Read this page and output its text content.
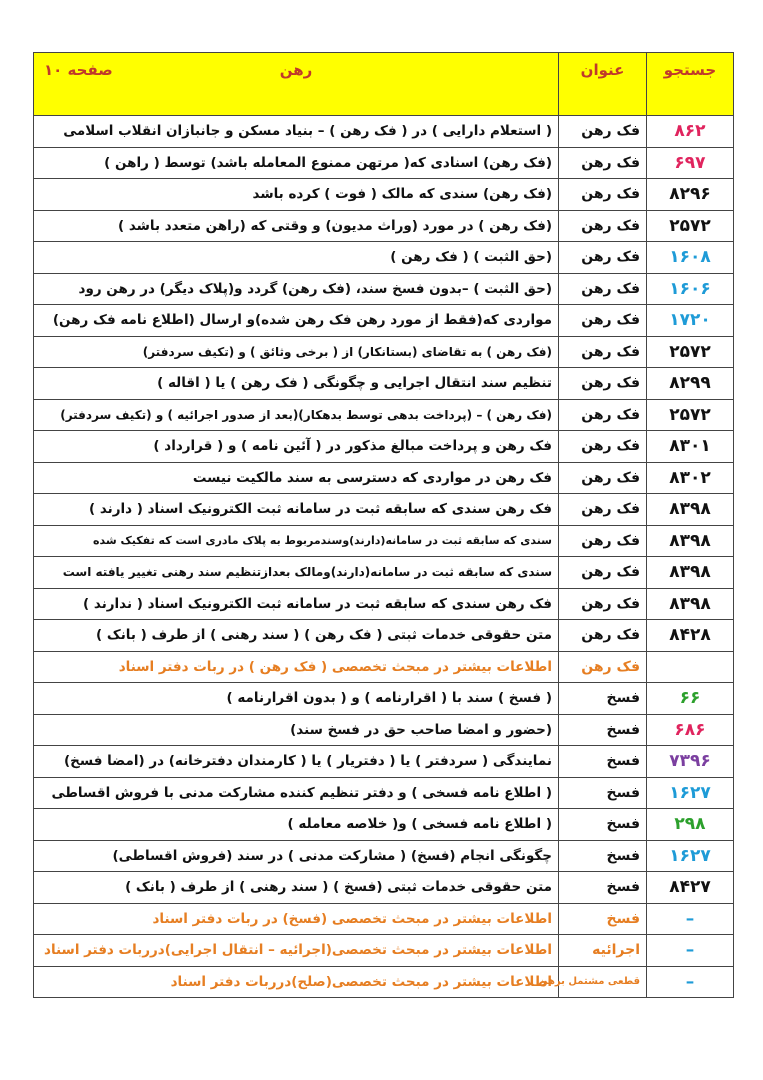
جستجو	عنوان	رهن
صفحه ۱۰

۸۶۲	فک رهن	( استعلام دارایی ) در ( فک رهن ) – بنیاد مسکن و جانبازان انقلاب اسلامی
۶۹۷	فک رهن	(فک رهن) اسنادی که( مرتهن ممنوع المعامله باشد) توسط ( راهن )
۸۲۹۶	فک رهن	(فک رهن) سندی که مالک ( فوت ) کرده باشد
۲۵۷۲	فک رهن	(فک رهن ) در مورد (وراث مدیون) و وقتی که (راهن متعدد باشد )
۱۶۰۸	فک رهن	(حق الثبت ) ( فک رهن )
۱۶۰۶	فک رهن	(حق الثبت ) –بدون فسخ سند، (فک رهن) گردد و(پلاک دیگر) در رهن رود
۱۷۲۰	فک رهن	مواردی که(فقط از مورد رهن فک رهن شده)و ارسال (اطلاع نامه فک رهن)
۲۵۷۲	فک رهن	(فک رهن ) به تقاضای (بستانکار) از ( برخی وثائق ) و (تکیف سردفتر)
۸۲۹۹	فک رهن	تنظیم سند انتقال اجرایی و چگونگی ( فک رهن ) یا ( اقاله )
۲۵۷۲	فک رهن	(فک رهن ) – (پرداخت بدهی توسط بدهکار)(بعد از صدور اجرائیه ) و (تکیف سردفتر)
۸۳۰۱	فک رهن	فک رهن و پرداخت مبالغ مذکور در ( آئین نامه ) و ( قرارداد )
۸۳۰۲	فک رهن	فک رهن در مواردی که دسترسی به سند مالکیت نیست
۸۳۹۸	فک رهن	فک رهن سندی که سابقه ثبت در سامانه ثبت الکترونیک اسناد ( دارند )
۸۳۹۸	فک رهن	سندی که سابقه ثبت در سامانه(دارند)وسندمربوط به پلاک مادری است که تفکیک شده
۸۳۹۸	فک رهن	سندی که سابقه ثبت در سامانه(دارند)ومالک بعدازتنظیم سند رهنی تغییر یافته است
۸۳۹۸	فک رهن	فک رهن سندی که سابقه ثبت در سامانه ثبت الکترونیک اسناد ( ندارند )
۸۴۲۸	فک رهن	متن حقوقی خدمات ثبتی ( فک رهن ) ( سند رهنی ) از طرف ( بانک )
	فک رهن	اطلاعات بیشتر در مبحث تخصصی ( فک رهن ) در ربات دفتر اسناد
۶۶	فسخ	( فسخ ) سند با ( اقرارنامه ) و ( بدون اقرارنامه )
۶۸۶	فسخ	(حضور و امضا صاحب حق در فسخ سند)
۷۳۹۶	فسخ	نمایندگی ( سردفتر ) یا ( دفتریار ) یا ( کارمندان دفترخانه) در (امضا فسخ)
۱۶۲۷	فسخ	( اطلاع نامه فسخی ) و دفتر تنظیم کننده مشارکت مدنی با فروش اقساطی
۲۹۸	فسخ	( اطلاع نامه فسخی ) و( خلاصه معامله )
۱۶۲۷	فسخ	چگونگی انجام (فسخ) ( مشارکت مدنی ) در سند (فروش اقساطی)
۸۴۲۷	فسخ	متن حقوقی خدمات ثبتی (فسخ ) ( سند رهنی ) از طرف ( بانک )
–	فسخ	اطلاعات بیشتر در مبحث تخصصی (فسخ) در ربات دفتر اسناد
–	اجرائیه	اطلاعات بیشتر در مبحث تخصصی(اجرائیه – انتقال اجرایی)درربات دفتر اسناد
–	قطعی مشتمل برهن	اطلاعات بیشتر در مبحث تخصصی(صلح)درربات دفتر اسناد
